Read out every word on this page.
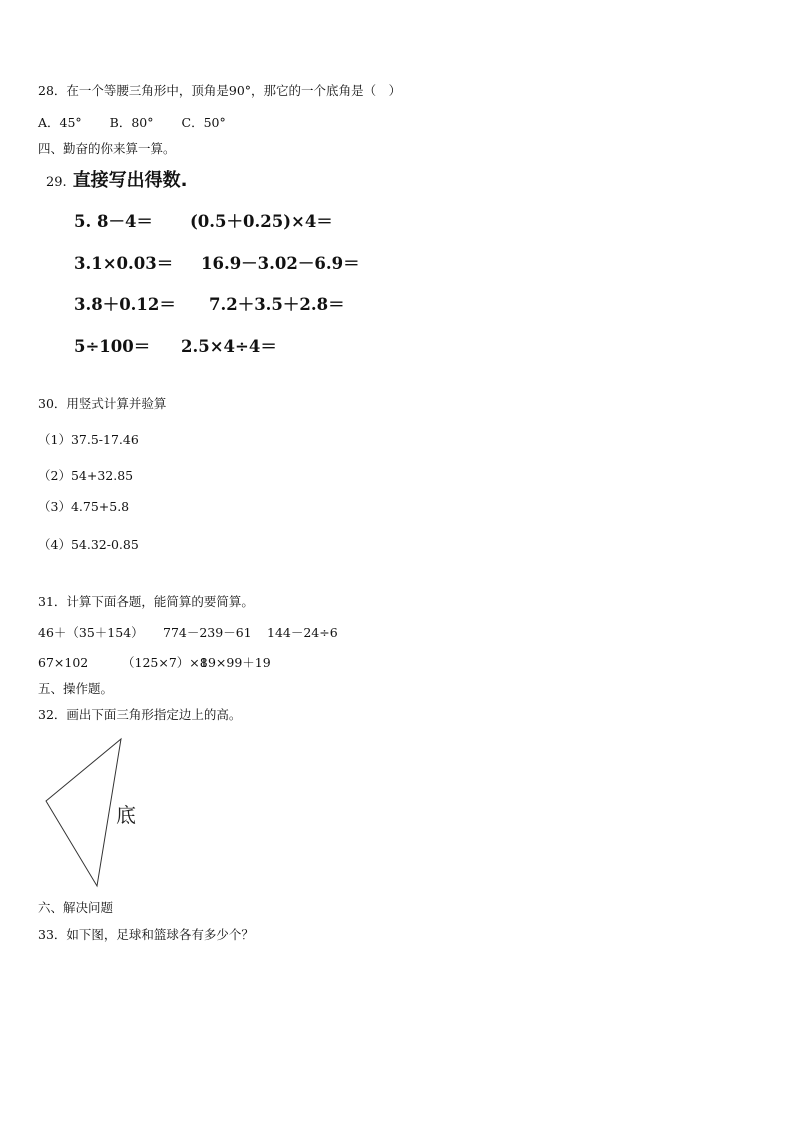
28．在一个等腰三角形中，顶角是90°，那它的一个底角是（　）
A．45° B．80° C．50°
四、勤奋的你来算一算。
29. 直接写出得数.
5. 8－4＝ (0.5＋0.25)×4＝
3.1×0.03＝ 16.9－3.02－6.9＝
3.8＋0.12＝ 7.2＋3.5＋2.8＝
5÷100＝ 2.5×4÷4＝
30．用竖式计算并验算
（1）37.5-17.46
（2）54+32.85
（3）4.75+5.8
（4）54.32-0.85
31．计算下面各题，能简算的要简算。
46＋（35＋154） 774－239－61 144－24÷6
67×102	（125×7）×8
19×99＋19
五、操作题。
32．画出下面三角形指定边上的高。
底
六、解决问题
33．如下图，足球和篮球各有多少个？
